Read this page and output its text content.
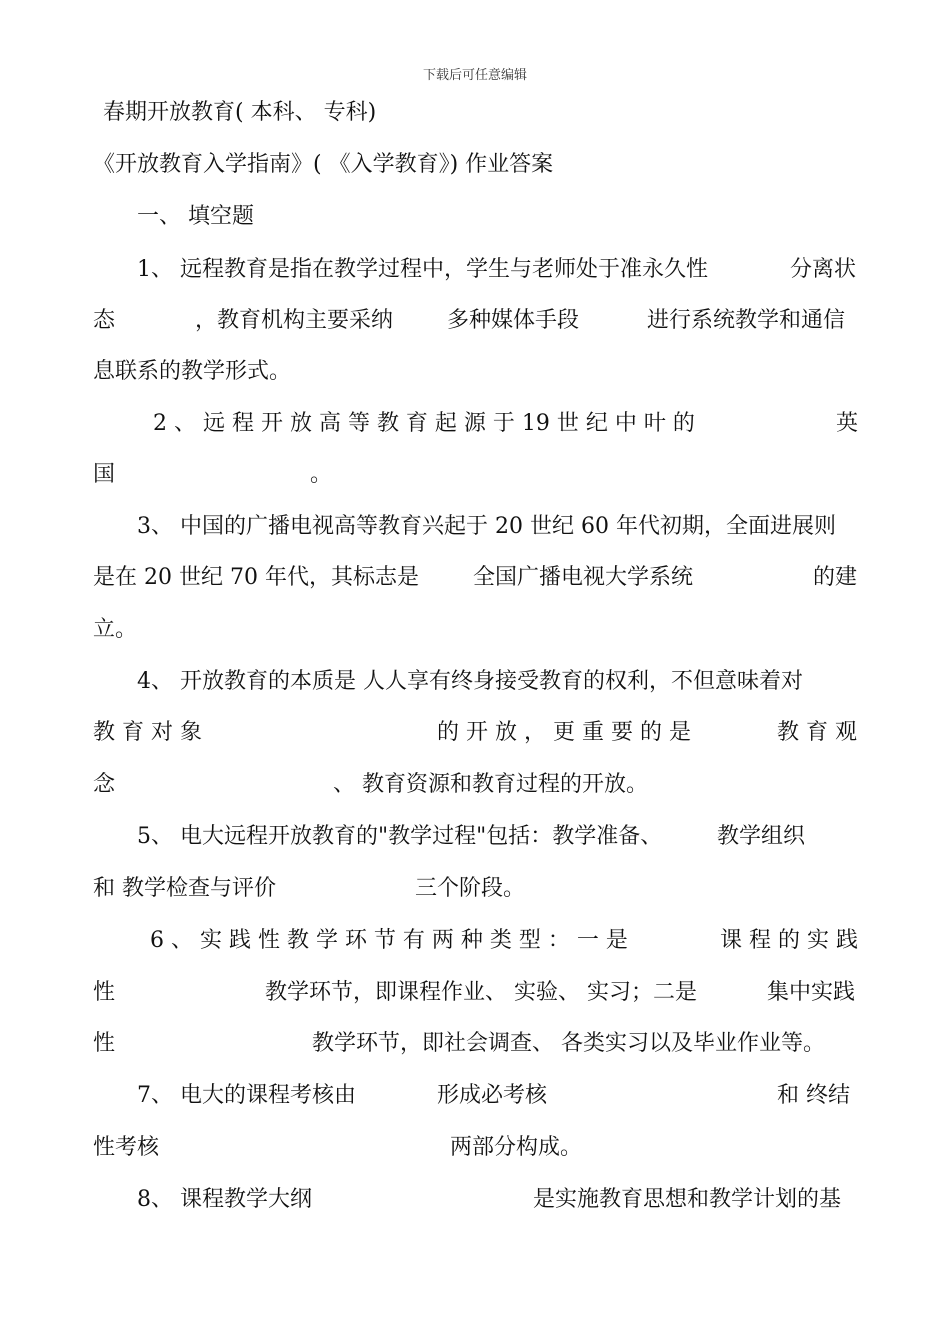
下载后可任意编辑
春期开放教育( 本科、 专科)
《开放教育入学指南》( 《入学教育》) 作业答案
一、 填空题
1、 远程教育是指在教学过程中，学生与老师处于准永久性	分离状
态	，教育机构主要采纳 多种媒体手段	进行系统教学和通信
息联系的教学形式。
2 、 远 程 开 放 高 等 教 育 起 源 于 19 世 纪 中 叶 的	英
国	。
3、 中国的广播电视高等教育兴起于 20 世纪 60 年代初期，全面进展则
是在 20 世纪 70 年代，其标志是 全国广播电视大学系统	的建
立。
4、 开放教育的本质是 人人享有终身接受教育的权利，不但意味着对
教 育 对 象	的 开 放 ， 更 重 要 的 是	教 育 观
念	、 教育资源和教育过程的开放。
5、 电大远程开放教育的"教学过程"包括：教学准备、 教学组织
和 教学检查与评价	三个阶段。
6 、 实 践 性 教 学 环 节 有 两 种 类 型 ： 一 是	课 程 的 实 践
性	教学环节，即课程作业、 实验、 实习；二是	集中实践
性	教学环节，即社会调查、 各类实习以及毕业作业等。
7、 电大的课程考核由	形成必考核	和 终结
性考核	两部分构成。
8、 课程教学大纲	是实施教育思想和教学计划的基
